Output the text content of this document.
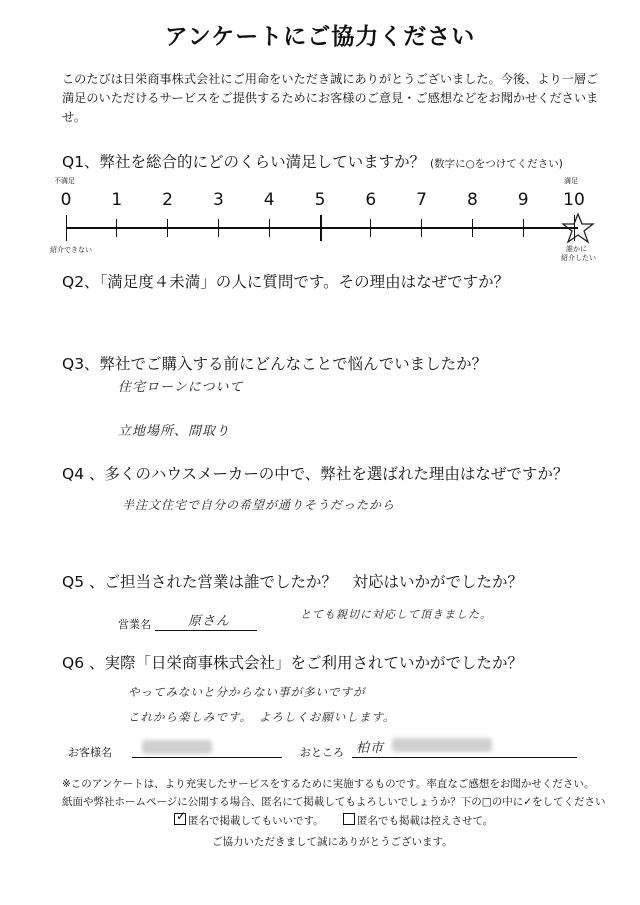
アンケートにご協力ください
このたびは日栄商事株式会社にご用命をいただき誠にありがとうございました。今後、より一層ご満足のいただけるサービスをご提供するためにお客様のご意見・ご感想などをお聞かせくださいませ。
Q1、弊社を総合的にどのくらい満足していますか？ (数字に○をつけてください)
不満足	満足
0 1 2 3 4 5 6 7 8 9 10
紹介できない	誰かに
紹介したい
Q2、「満足度４未満」の人に質問です。その理由はなぜですか？
Q3、弊社でご購入する前にどんなことで悩んでいましたか？
住宅ローンについて
立地場所、間取り
Q4 、多くのハウスメーカーの中で、弊社を選ばれた理由はなぜですか？
半注文住宅で自分の希望が通りそうだったから
Q5 、ご担当された営業は誰でしたか？　対応はいかがでしたか？
営業名	原さん	とても親切に対応して頂きました。
Q6 、実際「日栄商事株式会社」をご利用されていかがでしたか？
やってみないと分からない事が多いですが
これから楽しみです。　よろしくお願いします。
お客様名	おところ 柏市
※このアンケートは、より充実したサービスをするために実施するものです。率直なご感想をお聞かせください。
紙面や弊社ホームページに公開する場合、匿名にて掲載してもよろしいでしょうか？下の□の中に✓をしてください
✓ 匿名で掲載してもいいです。	匿名でも掲載は控えさせて。
ご協力いただきまして誠にありがとうございます。
